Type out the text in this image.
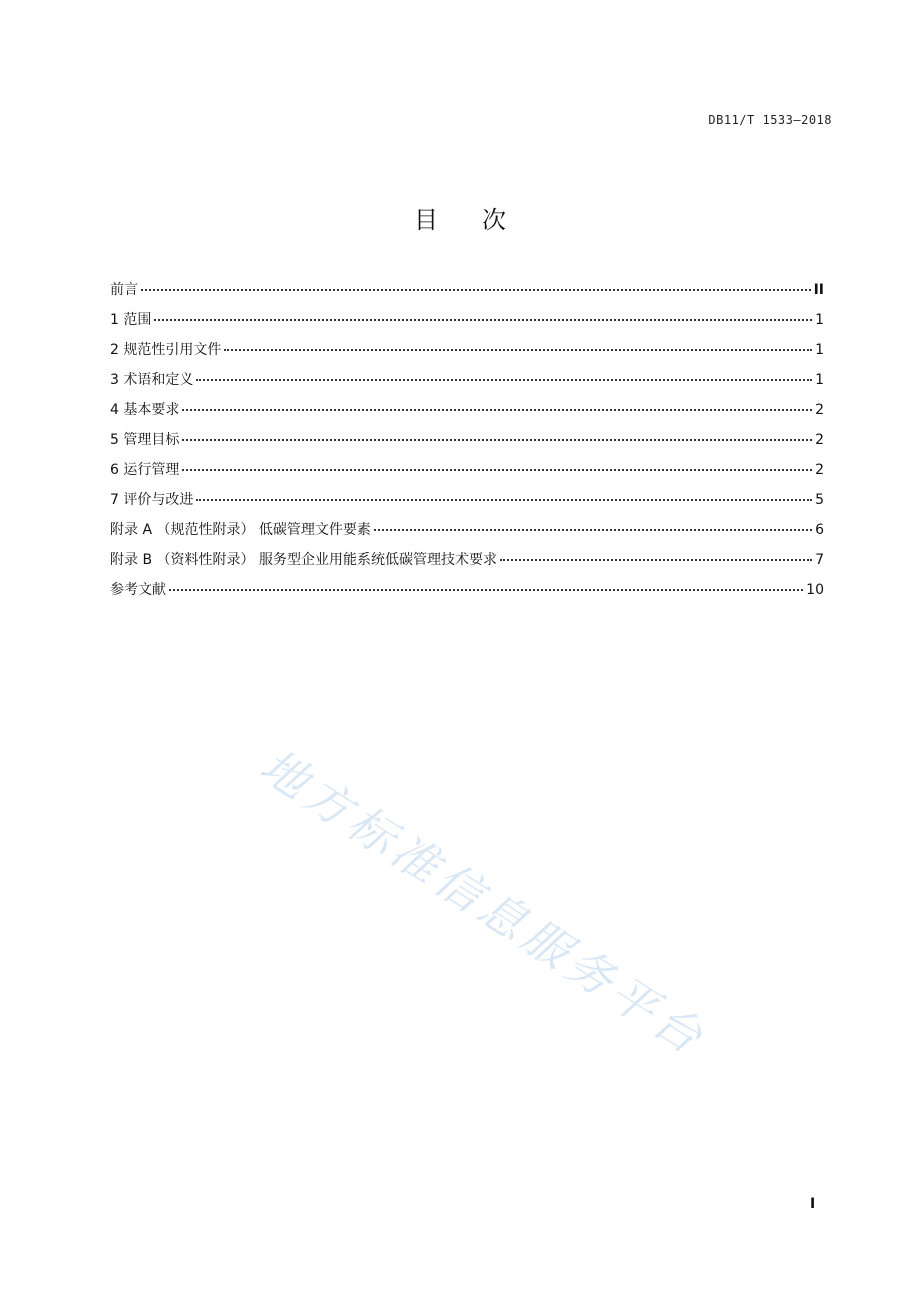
DB11/T 1533—2018
目次
前言	II
1 范围	1
2 规范性引用文件	1
3 术语和定义	1
4 基本要求	2
5 管理目标	2
6 运行管理	2
7 评价与改进	5
附录 A （规范性附录） 低碳管理文件要素	6
附录 B （资料性附录） 服务型企业用能系统低碳管理技术要求	7
参考文献	10
地方标准信息服务平台
I
